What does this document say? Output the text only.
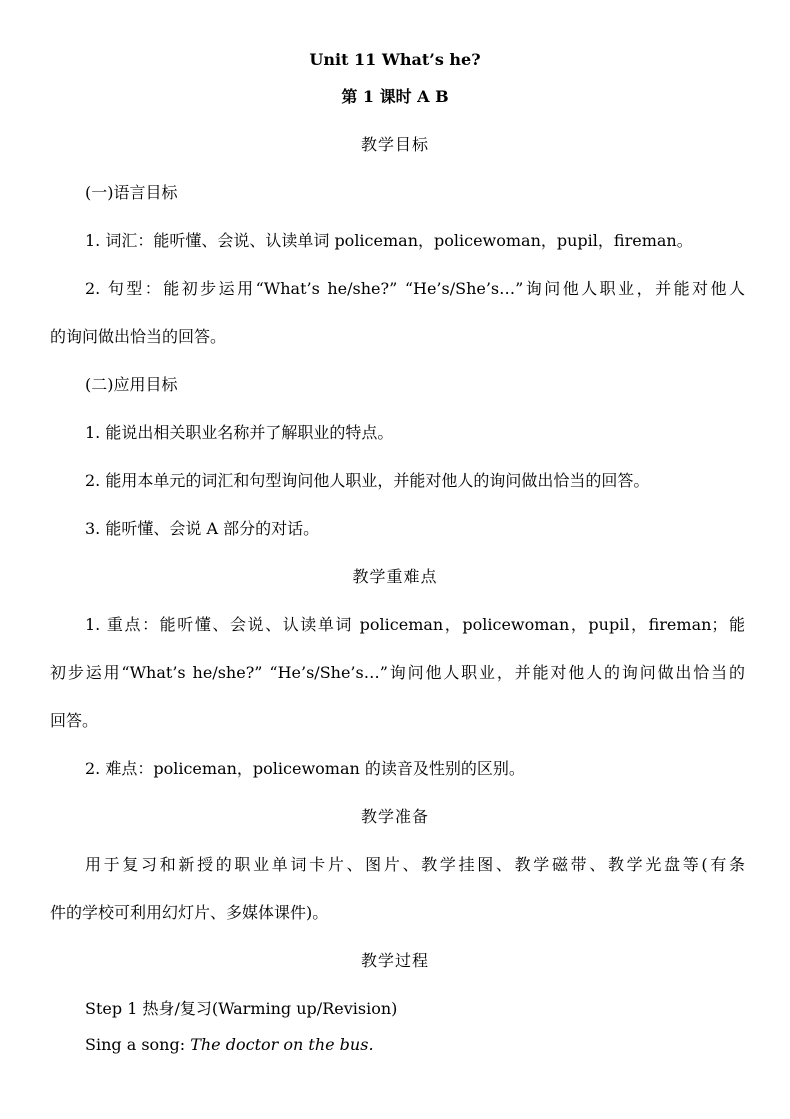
Unit 11 What’s he?
第 1 课时 A B
教学目标
(一)语言目标
1. 词汇：能听懂、会说、认读单词 policeman，policewoman，pupil，fireman。
2. 句型：能初步运用“What’s he/she?” “He’s/She’s…”询问他人职业，并能对他人
的询问做出恰当的回答。
(二)应用目标
1. 能说出相关职业名称并了解职业的特点。
2. 能用本单元的词汇和句型询问他人职业，并能对他人的询问做出恰当的回答。
3. 能听懂、会说 A 部分的对话。
教学重难点
1. 重点：能听懂、会说、认读单词 policeman，policewoman，pupil，fireman；能
初步运用“What’s he/she?” “He’s/She’s…”询问他人职业，并能对他人的询问做出恰当的
回答。
2. 难点：policeman，policewoman 的读音及性别的区别。
教学准备
用于复习和新授的职业单词卡片、图片、教学挂图、教学磁带、教学光盘等(有条
件的学校可利用幻灯片、多媒体课件)。
教学过程
Step 1 热身/复习(Warming up/Revision)
Sing a song: The doctor on the bus.
